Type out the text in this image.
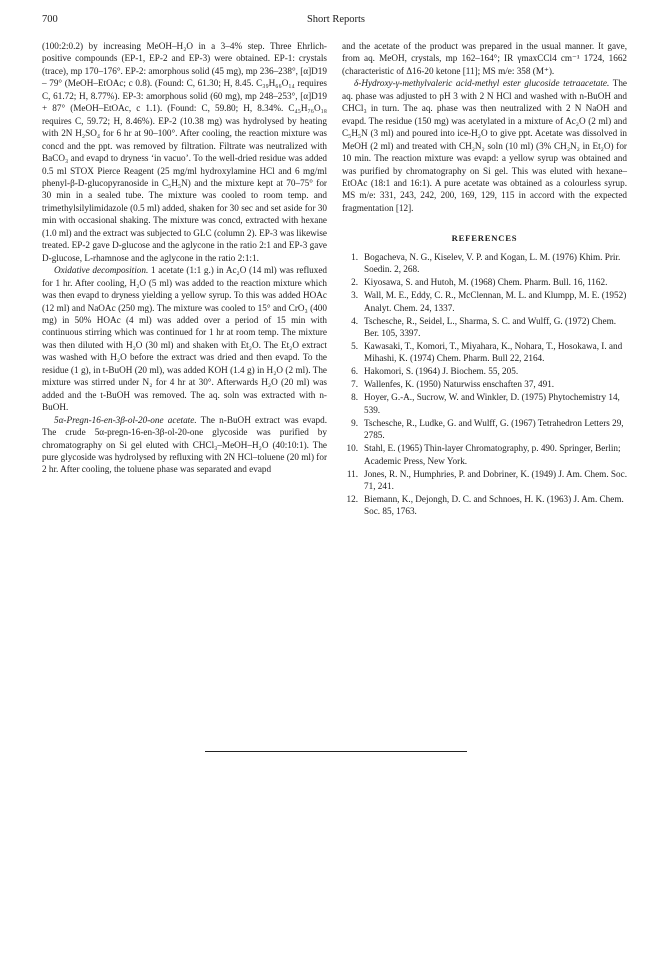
700	Short Reports

(100:2:0.2) by increasing MeOH–H₂O in a 3–4% step. Three Ehrlich-positive compounds (EP-1, EP-2 and EP-3) were obtained. EP-1: crystals (trace), mp 170–176°. EP-2: amorphous solid (45 mg), mp 236–238°, [α]D19 – 79° (MeOH–EtOAc; c 0.8). (Found: C, 61.30; H, 8.45. C₃₉H₆₆O₁₄ requires C, 61.72; H, 8.77%). EP-3: amorphous solid (60 mg), mp 248–253°, [α]D19 + 87° (MeOH–EtOAc, c 1.1). (Found: C, 59.80; H, 8.34%. C₄₅H₇₆O₁₈ requires C, 59.72; H, 8.46%). EP-2 (10.38 mg) was hydrolysed by heating with 2N H₂SO₄ for 6 hr at 90–100°. After cooling, the reaction mixture was concd and the ppt. was removed by filtration. Filtrate was neutralized with BaCO₃ and evapd to dryness ‘in vacuo’. To the well-dried residue was added 0.5 ml STOX Pierce Reagent (25 mg/ml hydroxylamine HCl and 6 mg/ml phenyl-β-D-glucopyranoside in C₅H₅N) and the mixture kept at 70–75° for 30 min in a sealed tube. The mixture was cooled to room temp. and trimethylsilylimidazole (0.5 ml) added, shaken for 30 sec and set aside for 30 min with occasional shaking. The mixture was concd, extracted with hexane (1.0 ml) and the extract was subjected to GLC (column 2). EP-3 was likewise treated. EP-2 gave D-glucose and the aglycone in the ratio 2:1 and EP-3 gave D-glucose, L-rhamnose and the aglycone in the ratio 2:1:1.

Oxidative decomposition. 1 acetate (1:1 g.) in Ac₂O (14 ml) was refluxed for 1 hr. After cooling, H₂O (5 ml) was added to the reaction mixture which was then evapd to dryness yielding a yellow syrup. To this was added HOAc (12 ml) and NaOAc (250 mg). The mixture was cooled to 15° and CrO₃ (400 mg) in 50% HOAc (4 ml) was added over a period of 15 min with continuous stirring which was continued for 1 hr at room temp. The mixture was then diluted with H₂O (30 ml) and shaken with Et₂O. The Et₂O extract was washed with H₂O before the extract was dried and then evapd. To the residue (1 g), in t-BuOH (20 ml), was added KOH (1.4 g) in H₂O (2 ml). The mixture was stirred under N₂ for 4 hr at 30°. Afterwards H₂O (20 ml) was added and the t-BuOH was removed. The aq. soln was extracted with n-BuOH.

5α-Pregn-16-en-3β-ol-20-one acetate. The n-BuOH extract was evapd. The crude 5α-pregn-16-en-3β-ol-20-one glycoside was purified by chromatography on Si gel eluted with CHCl₃–MeOH–H₂O (40:10:1). The pure glycoside was hydrolysed by refluxing with 2N HCl–toluene (20 ml) for 2 hr. After cooling, the toluene phase was separated and evapd

and the acetate of the product was prepared in the usual manner. It gave, from aq. MeOH, crystals, mp 162–164°; IR γmaxCCl4 cm⁻¹ 1724, 1662 (characteristic of Δ16-20 ketone [11]; MS m/e: 358 (M⁺).

δ-Hydroxy-γ-methylvaleric acid-methyl ester glucoside tetraacetate. The aq. phase was adjusted to pH 3 with 2 N HCl and washed with n-BuOH and CHCl₃ in turn. The aq. phase was then neutralized with 2 N NaOH and evapd. The residue (150 mg) was acetylated in a mixture of Ac₂O (2 ml) and C₅H₅N (3 ml) and poured into ice-H₂O to give ppt. Acetate was dissolved in MeOH (2 ml) and treated with CH₂N₂ soln (10 ml) (3% CH₂N₂ in Et₂O) for 10 min. The reaction mixture was evapd: a yellow syrup was obtained and was purified by chromatography on Si gel. This was eluted with hexane–EtOAc (18:1 and 16:1). A pure acetate was obtained as a colourless syrup. MS m/e: 331, 243, 242, 200, 169, 129, 115 in accord with the expected fragmentation [12].

REFERENCES
1. Bogacheva, N. G., Kiselev, V. P. and Kogan, L. M. (1976) Khim. Prir. Soedin. 2, 268.
2. Kiyosawa, S. and Hutoh, M. (1968) Chem. Pharm. Bull. 16, 1162.
3. Wall, M. E., Eddy, C. R., McClennan, M. L. and Klumpp, M. E. (1952) Analyt. Chem. 24, 1337.
4. Tschesche, R., Seidel, L., Sharma, S. C. and Wulff, G. (1972) Chem. Ber. 105, 3397.
5. Kawasaki, T., Komori, T., Miyahara, K., Nohara, T., Hosokawa, I. and Mihashi, K. (1974) Chem. Pharm. Bull 22, 2164.
6. Hakomori, S. (1964) J. Biochem. 55, 205.
7. Wallenfes, K. (1950) Naturwiss enschaften 37, 491.
8. Hoyer, G.-A., Sucrow, W. and Winkler, D. (1975) Phytochemistry 14, 539.
9. Tschesche, R., Ludke, G. and Wulff, G. (1967) Tetrahedron Letters 29, 2785.
10. Stahl, E. (1965) Thin-layer Chromatography, p. 490. Springer, Berlin; Academic Press, New York.
11. Jones, R. N., Humphries, P. and Dobriner, K. (1949) J. Am. Chem. Soc. 71, 241.
12. Biemann, K., Dejongh, D. C. and Schnoes, H. K. (1963) J. Am. Chem. Soc. 85, 1763.
